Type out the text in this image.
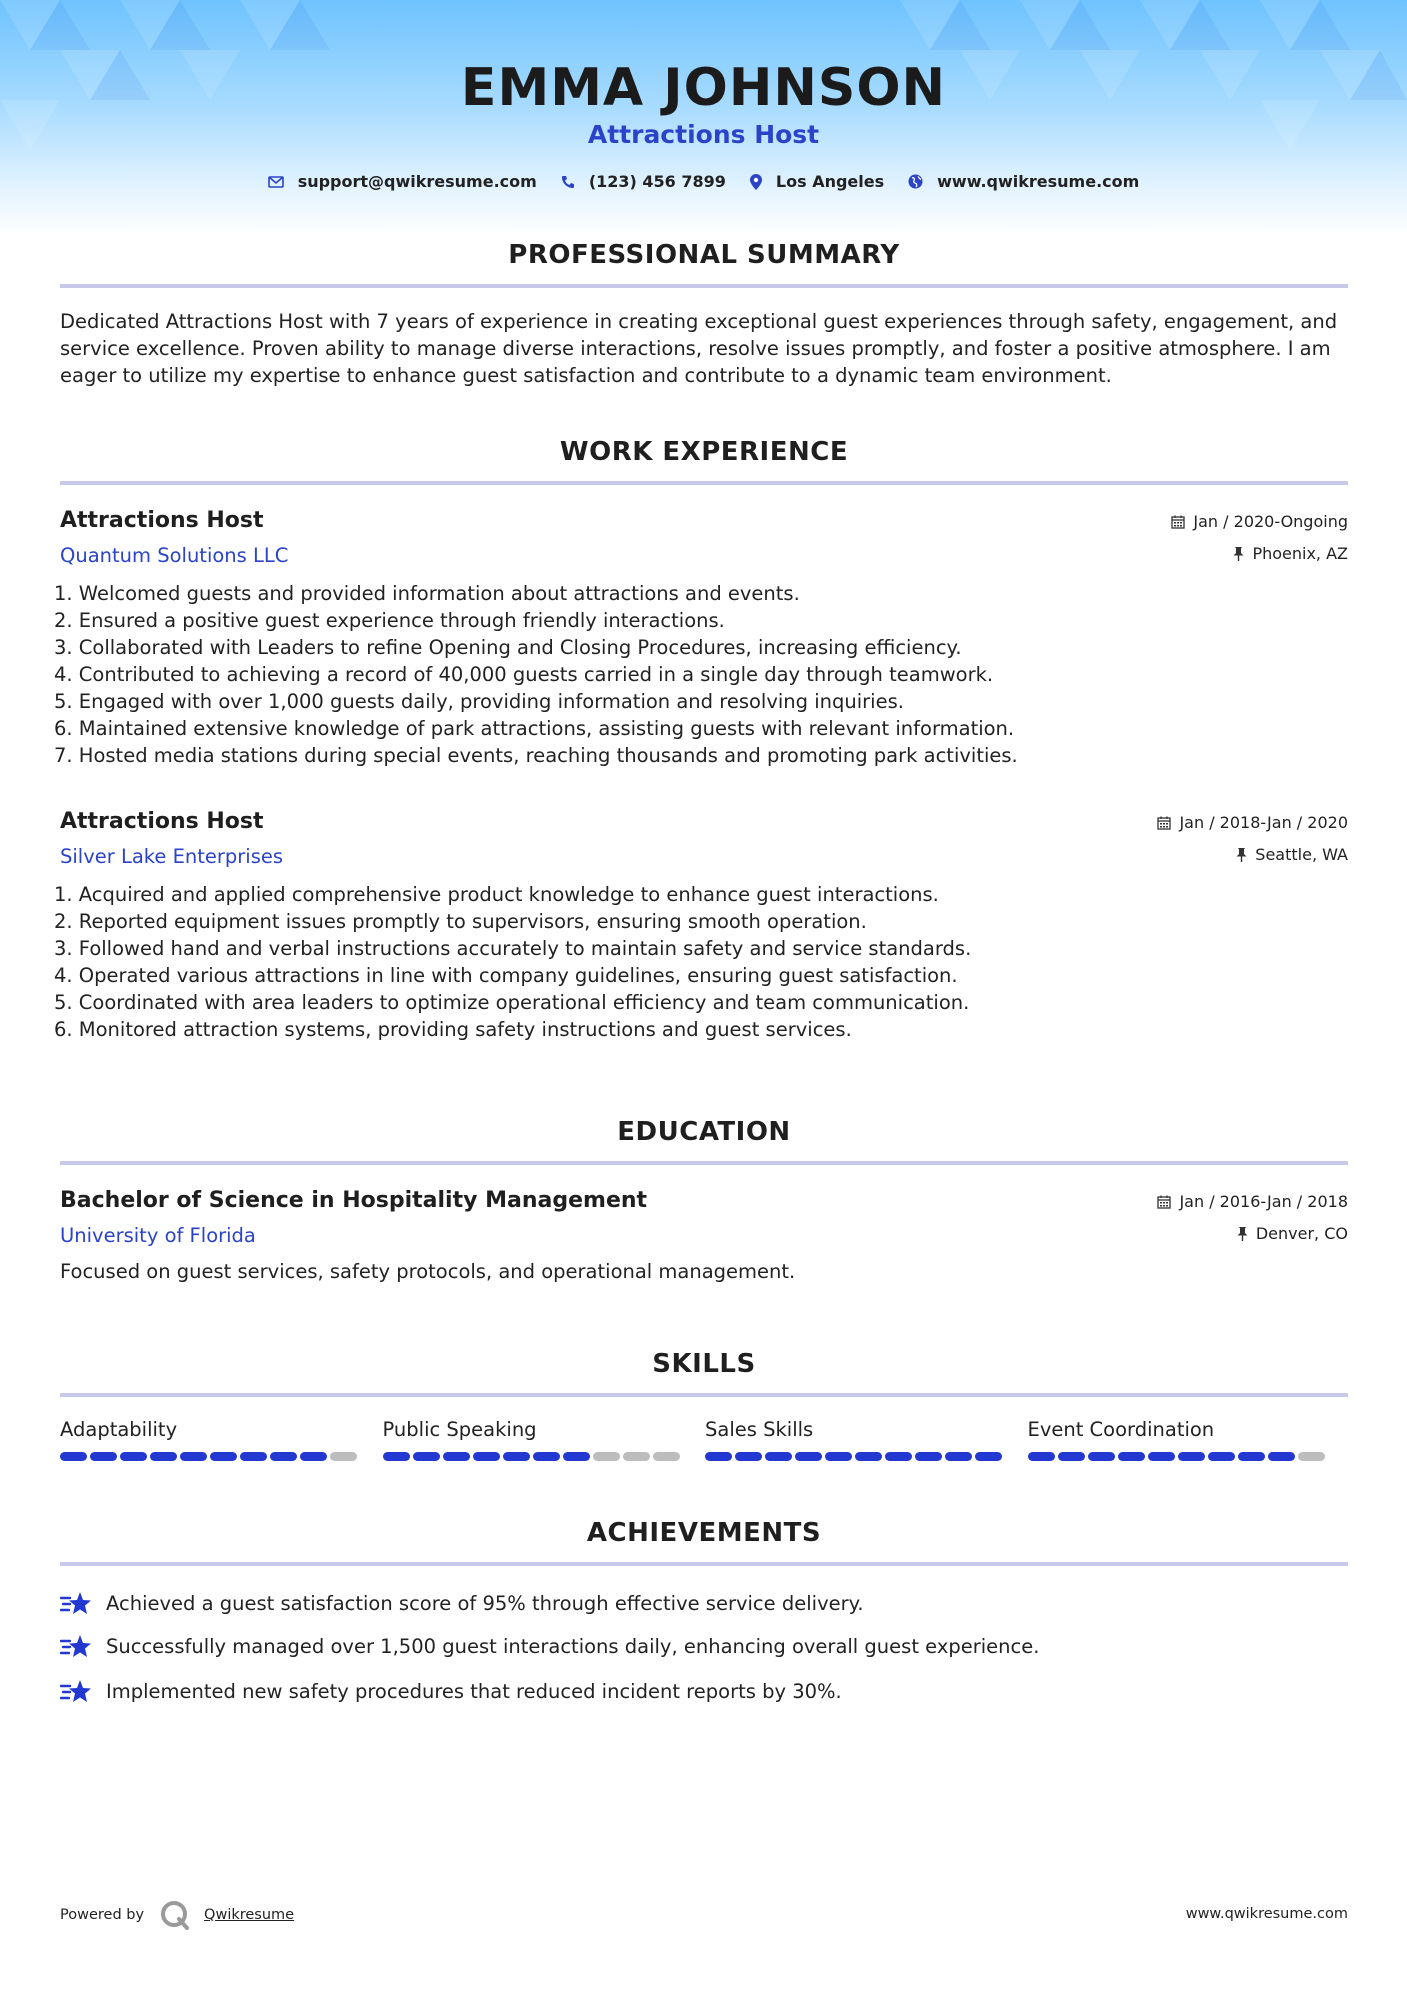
EMMA JOHNSON
Attractions Host
support@qwikresume.com	(123) 456 7899	Los Angeles	www.qwikresume.com
PROFESSIONAL SUMMARY
Dedicated Attractions Host with 7 years of experience in creating exceptional guest experiences through safety, engagement, and
service excellence. Proven ability to manage diverse interactions, resolve issues promptly, and foster a positive atmosphere. I am
eager to utilize my expertise to enhance guest satisfaction and contribute to a dynamic team environment.
WORK EXPERIENCE
Attractions Host
Quantum Solutions LLC
Jan / 2020-Ongoing
Phoenix, AZ
1. Welcomed guests and provided information about attractions and events.
2. Ensured a positive guest experience through friendly interactions.
3. Collaborated with Leaders to refine Opening and Closing Procedures, increasing efficiency.
4. Contributed to achieving a record of 40,000 guests carried in a single day through teamwork.
5. Engaged with over 1,000 guests daily, providing information and resolving inquiries.
6. Maintained extensive knowledge of park attractions, assisting guests with relevant information.
7. Hosted media stations during special events, reaching thousands and promoting park activities.
Attractions Host
Silver Lake Enterprises
Jan / 2018-Jan / 2020
Seattle, WA
1. Acquired and applied comprehensive product knowledge to enhance guest interactions.
2. Reported equipment issues promptly to supervisors, ensuring smooth operation.
3. Followed hand and verbal instructions accurately to maintain safety and service standards.
4. Operated various attractions in line with company guidelines, ensuring guest satisfaction.
5. Coordinated with area leaders to optimize operational efficiency and team communication.
6. Monitored attraction systems, providing safety instructions and guest services.
EDUCATION
Bachelor of Science in Hospitality Management
University of Florida
Jan / 2016-Jan / 2018
Denver, CO
Focused on guest services, safety protocols, and operational management.
SKILLS
Adaptability	Public Speaking	Sales Skills	Event Coordination
ACHIEVEMENTS
Achieved a guest satisfaction score of 95% through effective service delivery.
Successfully managed over 1,500 guest interactions daily, enhancing overall guest experience.
Implemented new safety procedures that reduced incident reports by 30%.
Powered by	Qwikresume	www.qwikresume.com
